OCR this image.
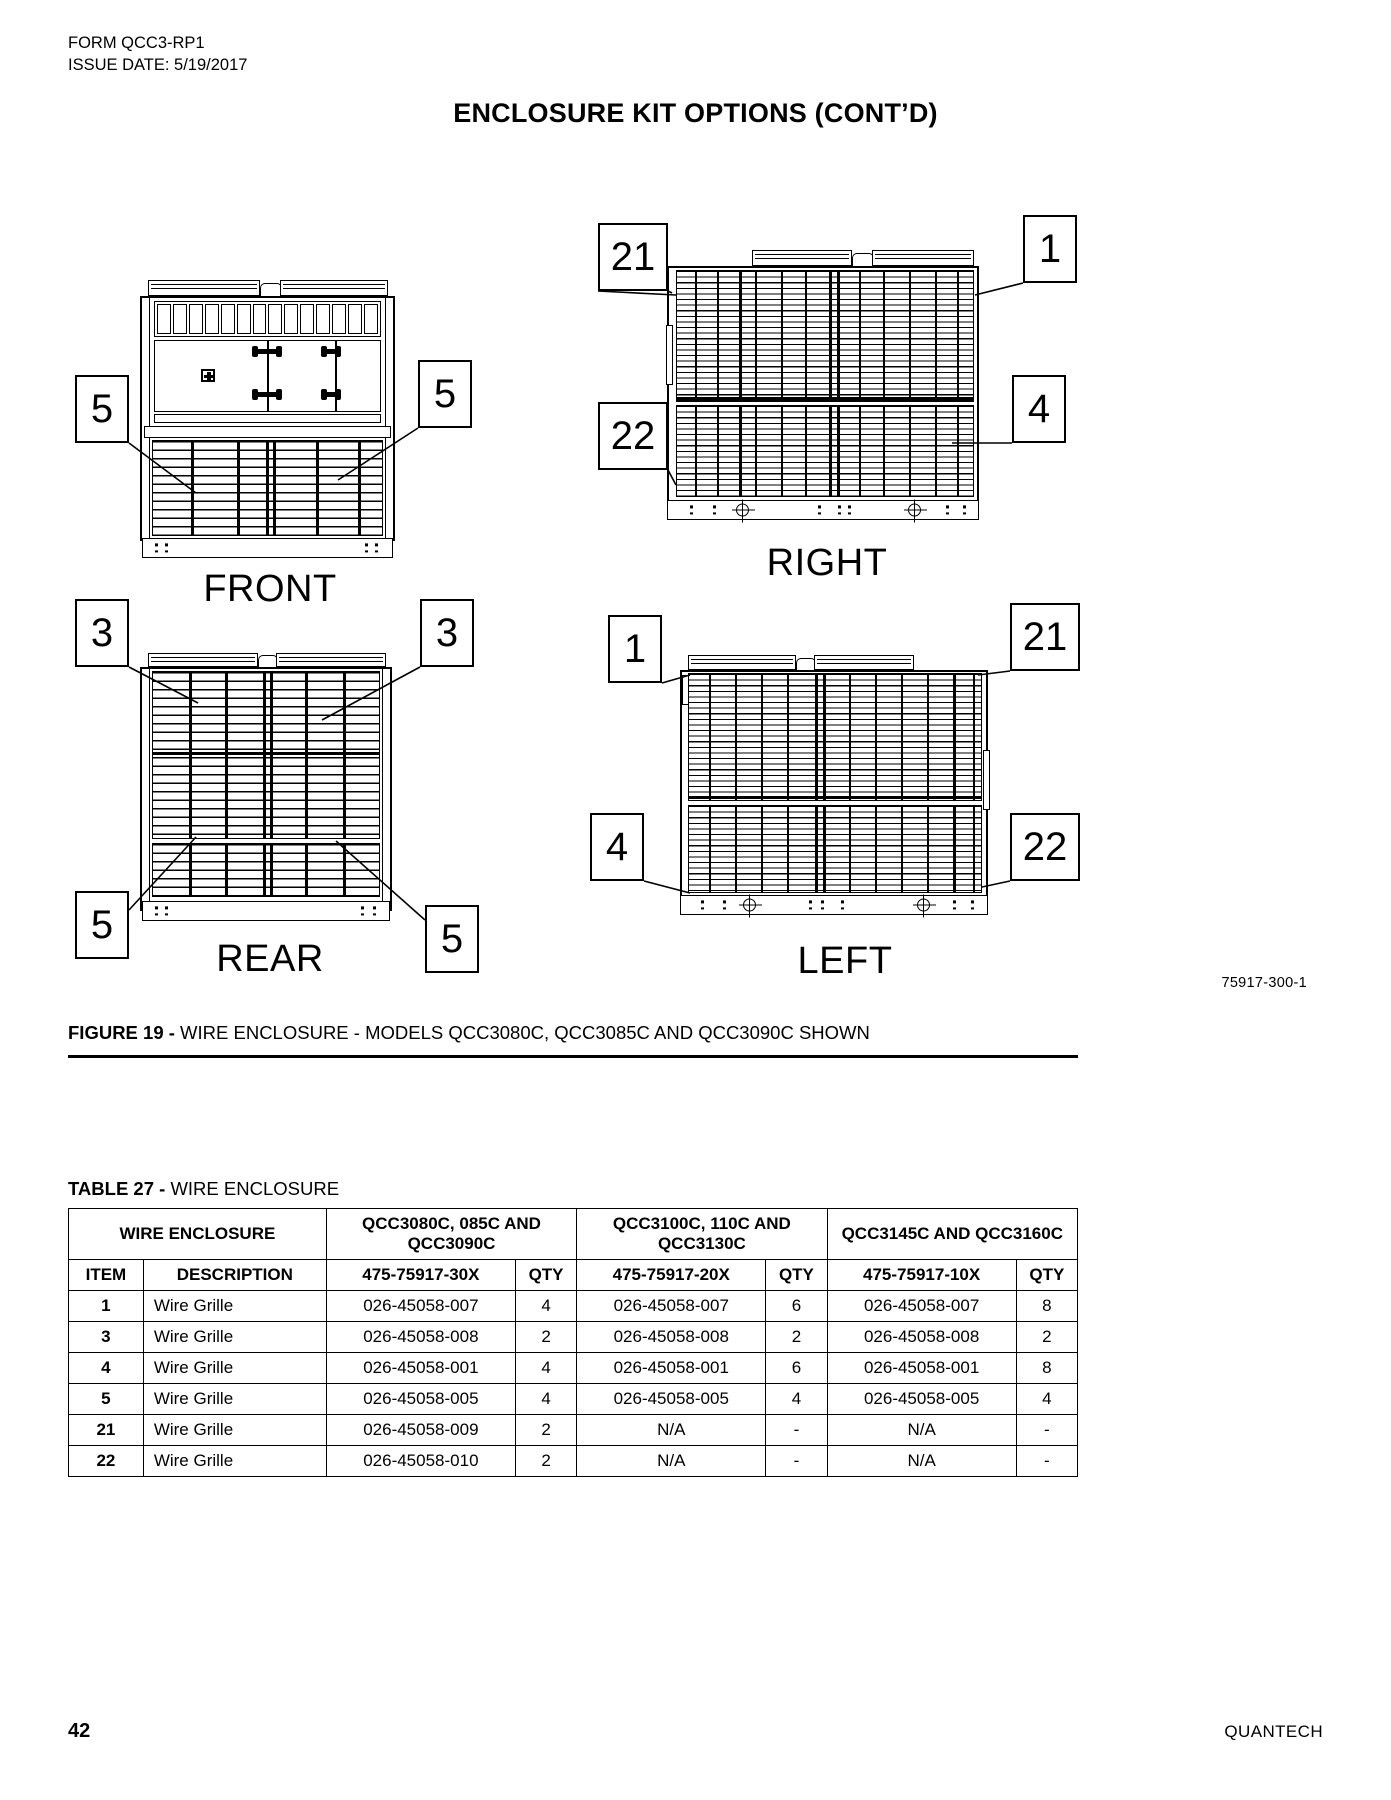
FORM QCC3-RP1
ISSUE DATE: 5/19/2017
ENCLOSURE KIT OPTIONS (CONT’D)
FRONT
5	5
RIGHT
21
22
1
4
REAR
3	3
5	5	LEFT
1	21
4	22
75917-300-1
FIGURE 19 - WIRE ENCLOSURE - MODELS QCC3080C, QCC3085C AND QCC3090C SHOWN
TABLE 27 - WIRE ENCLOSURE
WIRE ENCLOSURE		QCC3080C, 085C AND QCC3090C		QCC3100C, 110C AND QCC3130C		QCC3145C AND QCC3160C	
ITEM	DESCRIPTION	475-75917-30X	QTY	475-75917-20X	QTY	475-75917-10X	QTY
1	Wire Grille	026-45058-007	4	026-45058-007	6	026-45058-007	8
3	Wire Grille	026-45058-008	2	026-45058-008	2	026-45058-008	2
4	Wire Grille	026-45058-001	4	026-45058-001	6	026-45058-001	8
5	Wire Grille	026-45058-005	4	026-45058-005	4	026-45058-005	4
21	Wire Grille	026-45058-009	2	N/A	-	N/A	-
22	Wire Grille	026-45058-010	2	N/A	-	N/A	-
42	QUANTECH
